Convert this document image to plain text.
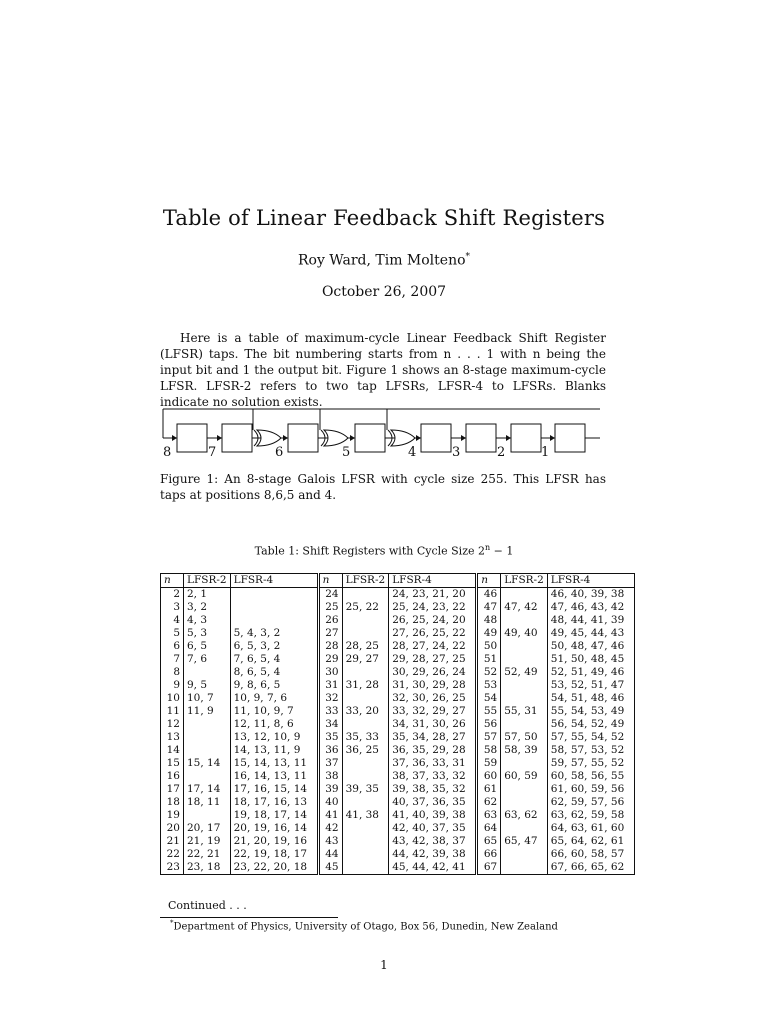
Table of Linear Feedback Shift Registers
Roy Ward, Tim Molteno*
October 26, 2007

Here is a table of maximum-cycle Linear Feedback Shift Register (LFSR) taps. The bit numbering starts from n . . . 1 with n being the input bit and 1 the output bit. Figure 1 shows an 8-stage maximum-cycle LFSR. LFSR-2 refers to two tap LFSRs, LFSR-4 to LFSRs. Blanks indicate no solution exists.

8	7	6	5	4	3	2	1
Figure 1: An 8-stage Galois LFSR with cycle size 255. This LFSR has taps at positions 8,6,5 and 4.
Table 1: Shift Registers with Cycle Size $2^n - 1$
n	LFSR-2	LFSR-4	n	LFSR-2	LFSR-4	n	LFSR-2	LFSR-4
2	2, 1		24		24, 23, 21, 20	46		46, 40, 39, 38
3	3, 2		25	25, 22	25, 24, 23, 22	47	47, 42	47, 46, 43, 42
4	4, 3		26		26, 25, 24, 20	48		48, 44, 41, 39
5	5, 3	5, 4, 3, 2	27		27, 26, 25, 22	49	49, 40	49, 45, 44, 43
6	6, 5	6, 5, 3, 2	28	28, 25	28, 27, 24, 22	50		50, 48, 47, 46
7	7, 6	7, 6, 5, 4	29	29, 27	29, 28, 27, 25	51		51, 50, 48, 45
8		8, 6, 5, 4	30		30, 29, 26, 24	52	52, 49	52, 51, 49, 46
9	9, 5	9, 8, 6, 5	31	31, 28	31, 30, 29, 28	53		53, 52, 51, 47
10	10, 7	10, 9, 7, 6	32		32, 30, 26, 25	54		54, 51, 48, 46
11	11, 9	11, 10, 9, 7	33	33, 20	33, 32, 29, 27	55	55, 31	55, 54, 53, 49
12		12, 11, 8, 6	34		34, 31, 30, 26	56		56, 54, 52, 49
13		13, 12, 10, 9	35	35, 33	35, 34, 28, 27	57	57, 50	57, 55, 54, 52
14		14, 13, 11, 9	36	36, 25	36, 35, 29, 28	58	58, 39	58, 57, 53, 52
15	15, 14	15, 14, 13, 11	37		37, 36, 33, 31	59		59, 57, 55, 52
16		16, 14, 13, 11	38		38, 37, 33, 32	60	60, 59	60, 58, 56, 55
17	17, 14	17, 16, 15, 14	39	39, 35	39, 38, 35, 32	61		61, 60, 59, 56
18	18, 11	18, 17, 16, 13	40		40, 37, 36, 35	62		62, 59, 57, 56
19		19, 18, 17, 14	41	41, 38	41, 40, 39, 38	63	63, 62	63, 62, 59, 58
20	20, 17	20, 19, 16, 14	42		42, 40, 37, 35	64		64, 63, 61, 60
21	21, 19	21, 20, 19, 16	43		43, 42, 38, 37	65	65, 47	65, 64, 62, 61
22	22, 21	22, 19, 18, 17	44		44, 42, 39, 38	66		66, 60, 58, 57
23	23, 18	23, 22, 20, 18	45		45, 44, 42, 41	67		67, 66, 65, 62
Continued . . .
*Department of Physics, University of Otago, Box 56, Dunedin, New Zealand
1
